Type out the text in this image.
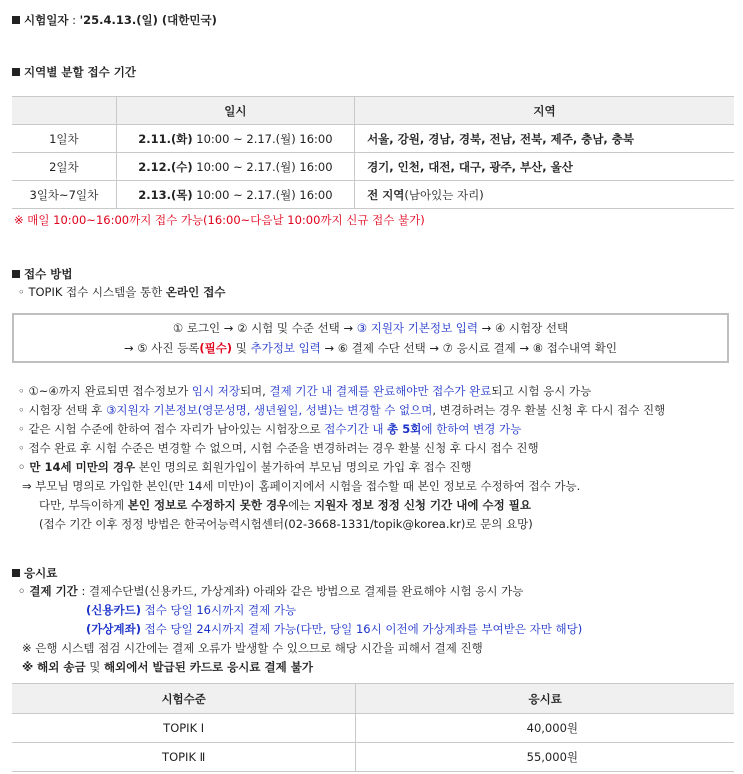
시험일자 : '25.4.13.(일) (대한민국)
지역별 분할 접수 기간
	일시	지역
1일차	2.11.(화) 10:00 ~ 2.17.(월) 16:00	서울, 강원, 경남, 경북, 전남, 전북, 제주, 충남, 충북
2일차	2.12.(수) 10:00 ~ 2.17.(월) 16:00	경기, 인천, 대전, 대구, 광주, 부산, 울산
3일차~7일차	2.13.(목) 10:00 ~ 2.17.(월) 16:00	전 지역(남아있는 자리)
※ 매일 10:00~16:00까지 접수 가능(16:00~다음날 10:00까지 신규 접수 불가)
접수 방법
◦ TOPIK 접수 시스템을 통한 온라인 접수
① 로그인 → ② 시험 및 수준 선택 → ③ 지원자 기본정보 입력 → ④ 시험장 선택
→ ⑤ 사진 등록(필수) 및 추가정보 입력 → ⑥ 결제 수단 선택 → ⑦ 응시료 결제 → ⑧ 접수내역 확인
◦ ①~④까지 완료되면 접수정보가 임시 저장되며, 결제 기간 내 결제를 완료해야만 접수가 완료되고 시험 응시 가능
◦ 시험장 선택 후 ③지원자 기본정보(영문성명, 생년월일, 성별)는 변경할 수 없으며, 변경하려는 경우 환불 신청 후 다시 접수 진행
◦ 같은 시험 수준에 한하여 접수 자리가 남아있는 시험장으로 접수기간 내 총 5회에 한하여 변경 가능
◦ 접수 완료 후 시험 수준은 변경할 수 없으며, 시험 수준을 변경하려는 경우 환불 신청 후 다시 접수 진행
◦ 만 14세 미만의 경우 본인 명의로 회원가입이 불가하여 부모님 명의로 가입 후 접수 진행
⇒ 부모님 명의로 가입한 본인(만 14세 미만)이 홈페이지에서 시험을 접수할 때 본인 정보로 수정하여 접수 가능.
다만, 부득이하게 본인 정보로 수정하지 못한 경우에는 지원자 정보 정정 신청 기간 내에 수정 필요
(접수 기간 이후 정정 방법은 한국어능력시험센터(02-3668-1331/topik@korea.kr)로 문의 요망)
응시료
◦ 결제 기간 : 결제수단별(신용카드, 가상계좌) 아래와 같은 방법으로 결제를 완료해야 시험 응시 가능
(신용카드) 접수 당일 16시까지 결제 가능
(가상계좌) 접수 당일 24시까지 결제 가능(다만, 당일 16시 이전에 가상계좌를 부여받은 자만 해당)
※ 은행 시스템 점검 시간에는 결제 오류가 발생할 수 있으므로 해당 시간을 피해서 결제 진행
※ 해외 송금 및 해외에서 발급된 카드로 응시료 결제 불가
시험수준	응시료
TOPIK Ⅰ	40,000원
TOPIK Ⅱ	55,000원
